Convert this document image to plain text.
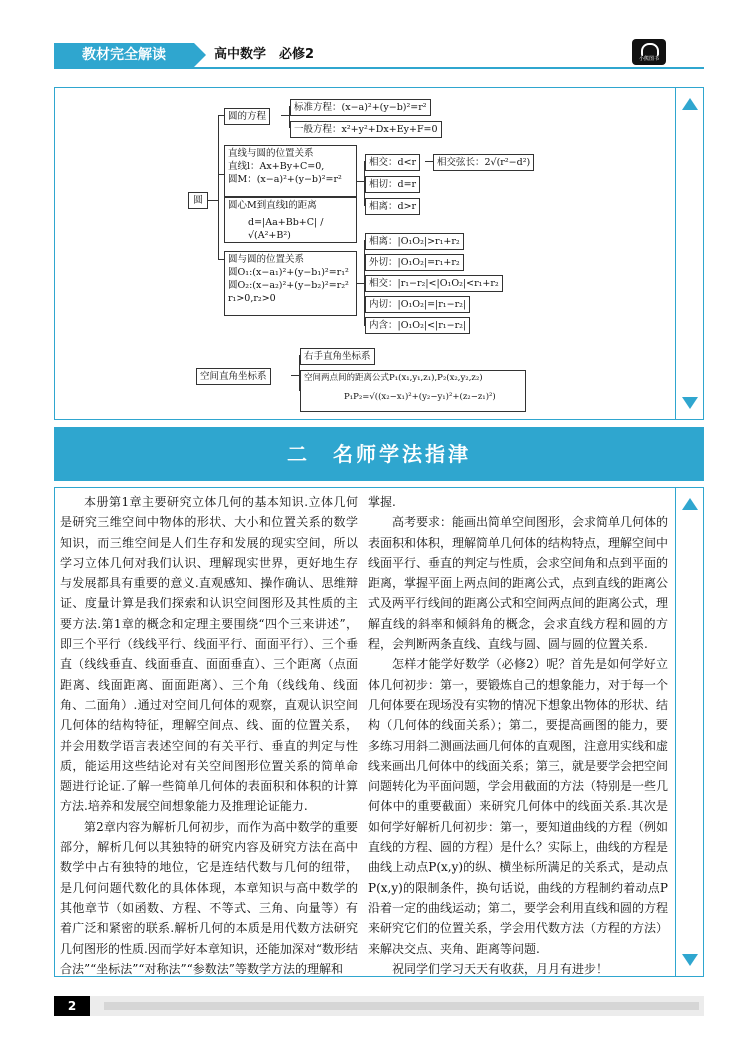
教材完全解读	高中数学　必修2	小熊图书
圆
圆的方程
标准方程：(x−a)²+(y−b)²=r²
一般方程：x²+y²+Dx+Ey+F=0
直线与圆的位置关系
直线l：Ax+By+C=0,
圆M：(x−a)²+(y−b)²=r²
圆心M到直线l的距离
d=|Aa+Bb+C| / √(A²+B²)
相交：d<r	相交弦长：2√(r²−d²)
相切：d=r
相离：d>r
圆与圆的位置关系
圆O₁:(x−a₁)²+(y−b₁)²=r₁²
圆O₂:(x−a₂)²+(y−b₂)²=r₂²
r₁>0,r₂>0
相离：|O₁O₂|>r₁+r₂
外切：|O₁O₂|=r₁+r₂
相交：|r₁−r₂|<|O₁O₂|<r₁+r₂
内切：|O₁O₂|=|r₁−r₂|
内含：|O₁O₂|<|r₁−r₂|
空间直角坐标系
右手直角坐标系
空间两点间的距离公式P₁(x₁,y₁,z₁),P₂(x₂,y₂,z₂)
P₁P₂=√((x₂−x₁)²+(y₂−y₁)²+(z₂−z₁)²)
二　名师学法指津

本册第1章主要研究立体几何的基本知识.立体几何是研究三维空间中物体的形状、大小和位置关系的数学知识，而三维空间是人们生存和发展的现实空间，所以学习立体几何对我们认识、理解现实世界，更好地生存与发展都具有重要的意义.直观感知、操作确认、思维辩证、度量计算是我们探索和认识空间图形及其性质的主要方法.第1章的概念和定理主要围绕“四个三来讲述”，即三个平行（线线平行、线面平行、面面平行）、三个垂直（线线垂直、线面垂直、面面垂直）、三个距离（点面距离、线面距离、面面距离）、三个角（线线角、线面角、二面角）.通过对空间几何体的观察，直观认识空间几何体的结构特征，理解空间点、线、面的位置关系，并会用数学语言表述空间的有关平行、垂直的判定与性质，能运用这些结论对有关空间图形位置关系的简单命题进行论证.了解一些简单几何体的表面积和体积的计算方法.培养和发展空间想象能力及推理论证能力.

第2章内容为解析几何初步，而作为高中数学的重要部分，解析几何以其独特的研究内容及研究方法在高中数学中占有独特的地位，它是连结代数与几何的纽带，是几何问题代数化的具体体现，本章知识与高中数学的其他章节（如函数、方程、不等式、三角、向量等）有着广泛和紧密的联系.解析几何的本质是用代数方法研究几何图形的性质.因而学好本章知识，还能加深对“数形结合法”“坐标法”“对称法”“参数法”等数学方法的理解和

掌握.

高考要求：能画出简单空间图形，会求简单几何体的表面积和体积，理解简单几何体的结构特点，理解空间中线面平行、垂直的判定与性质，会求空间角和点到平面的距离，掌握平面上两点间的距离公式，点到直线的距离公式及两平行线间的距离公式和空间两点间的距离公式，理解直线的斜率和倾斜角的概念，会求直线方程和圆的方程，会判断两条直线、直线与圆、圆与圆的位置关系.

怎样才能学好数学（必修2）呢？首先是如何学好立体几何初步：第一，要锻炼自己的想象能力，对于每一个几何体要在现场没有实物的情况下想象出物体的形状、结构（几何体的线面关系）；第二，要提高画图的能力，要多练习用斜二测画法画几何体的直观图，注意用实线和虚线来画出几何体中的线面关系；第三，就是要学会把空间问题转化为平面问题，学会用截面的方法（特别是一些几何体中的重要截面）来研究几何体中的线面关系.其次是如何学好解析几何初步：第一，要知道曲线的方程（例如直线的方程、圆的方程）是什么？实际上，曲线的方程是曲线上动点P(x,y)的纵、横坐标所满足的关系式，是动点P(x,y)的限制条件，换句话说，曲线的方程制约着动点P沿着一定的曲线运动；第二，要学会利用直线和圆的方程来研究它们的位置关系，学会用代数方法（方程的方法）来解决交点、夹角、距离等问题.

祝同学们学习天天有收获，月月有进步！

2
